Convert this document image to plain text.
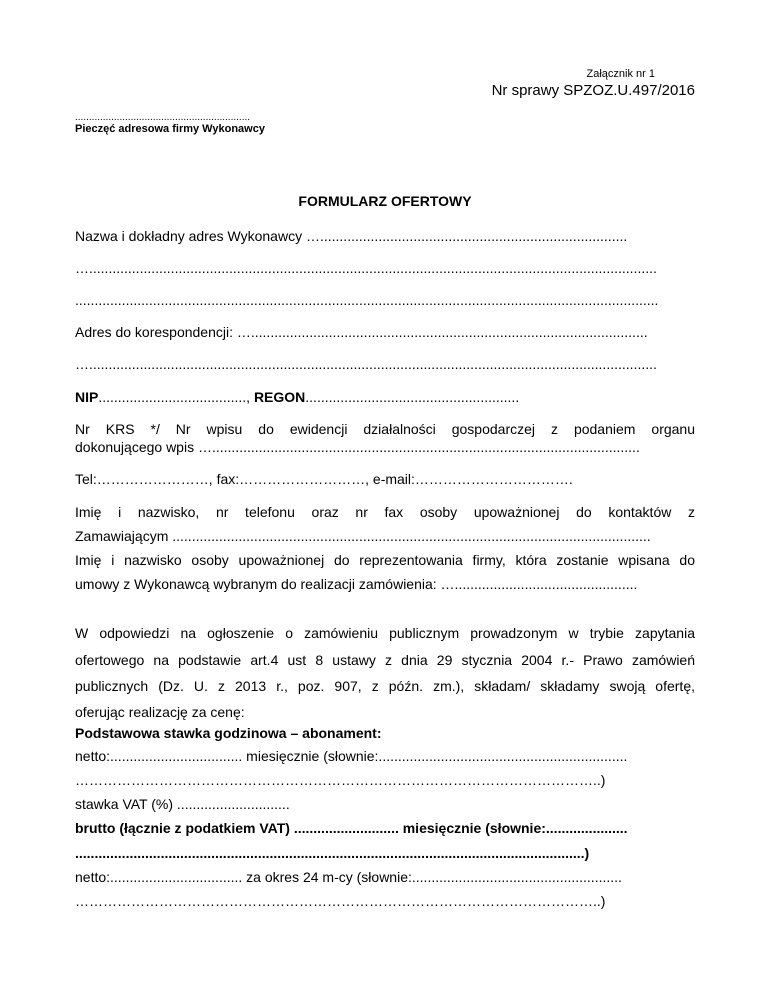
Załącznik nr 1
Nr sprawy SPZOZ.U.497/2016
...............................................................
Pieczęć adresowa firmy Wykonawcy
FORMULARZ OFERTOWY
Nazwa i dokładny adres Wykonawcy …...............................................................................
…..................................................................................................................................................
......................................................................................................................................................
Adres do korespondencji: …......................................................................................................
…..................................................................................................................................................
NIP......................................, REGON.......................................................
Nr KRS */ Nr wpisu do ewidencji działalności gospodarczej z podaniem organu
dokonującego wpis …..............................................................................................................
Tel:……………………, fax:………………………, e-mail:…………………………….
Imię i nazwisko, nr telefonu oraz nr fax osoby upoważnionej do kontaktów z
Zamawiającym ...........................................................................................................................
Imię i nazwisko osoby upoważnionej do reprezentowania firmy, która zostanie wpisana do
umowy z Wykonawcą wybranym do realizacji zamówienia: …...............................................
W odpowiedzi na ogłoszenie o zamówieniu publicznym prowadzonym w trybie zapytania
ofertowego na podstawie art.4 ust 8 ustawy z dnia 29 stycznia 2004 r.- Prawo zamówień
publicznych (Dz. U. z 2013 r., poz. 907, z późn. zm.), składam/ składamy swoją ofertę,
oferując realizację za cenę:
Podstawowa stawka godzinowa – abonament:
netto:.................................. miesięcznie (słownie:................................................................
…………………………………………………………………………………………………..)
stawka VAT (%) .............................
brutto (łącznie z podatkiem VAT) ........................... miesięcznie (słownie:.....................
...................................................................................................................................)
netto:.................................. za okres 24 m-cy (słownie:......................................................
…………………………………………………………………………………………………..)
